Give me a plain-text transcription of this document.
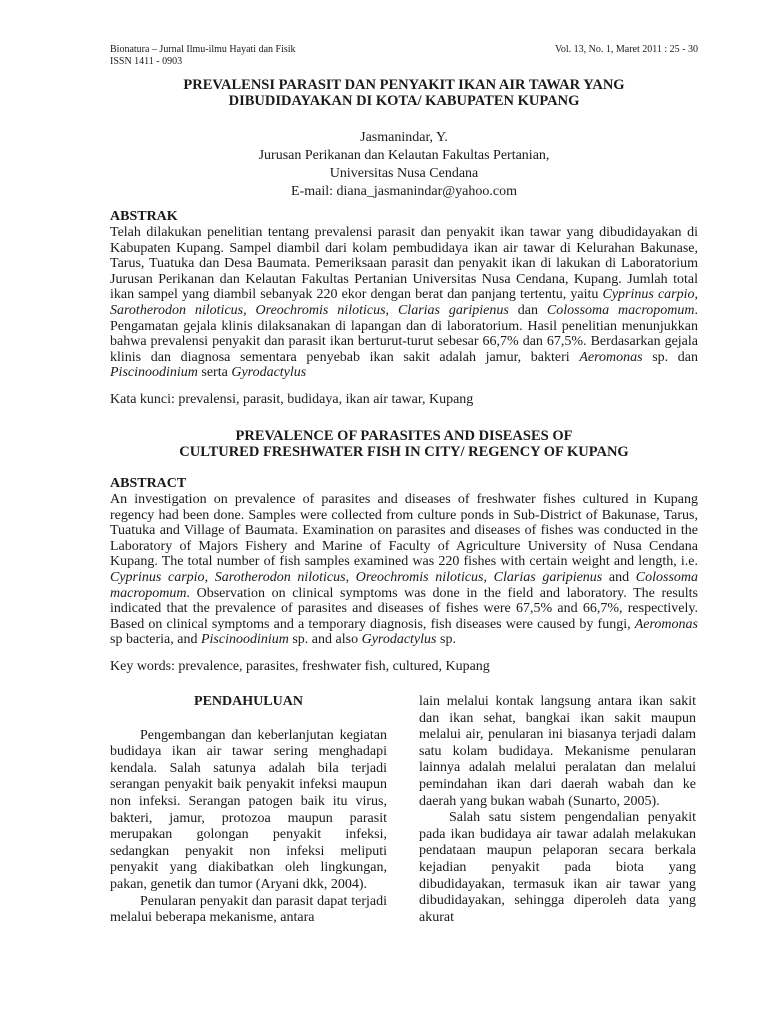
Bionatura – Jurnal Ilmu-ilmu Hayati dan Fisik
ISSN 1411 - 0903
Vol. 13, No. 1, Maret 2011 : 25 - 30
PREVALENSI PARASIT DAN PENYAKIT IKAN AIR TAWAR YANG
DIBUDIDAYAKAN DI KOTA/ KABUPATEN KUPANG
Jasmanindar, Y.
Jurusan Perikanan dan Kelautan Fakultas Pertanian,
Universitas Nusa Cendana
E-mail: diana_jasmanindar@yahoo.com
ABSTRAK
Telah dilakukan penelitian tentang prevalensi parasit dan penyakit ikan tawar yang dibudidayakan di Kabupaten Kupang. Sampel diambil dari kolam pembudidaya ikan air tawar di Kelurahan Bakunase, Tarus, Tuatuka dan Desa Baumata. Pemeriksaan parasit dan penyakit ikan di lakukan di Laboratorium Jurusan Perikanan dan Kelautan Fakultas Pertanian Universitas Nusa Cendana, Kupang. Jumlah total ikan sampel yang diambil sebanyak 220 ekor dengan berat dan panjang tertentu, yaitu Cyprinus carpio, Sarotherodon niloticus, Oreochromis niloticus, Clarias garipienus dan Colossoma macropomum. Pengamatan gejala klinis dilaksanakan di lapangan dan di laboratorium. Hasil penelitian menunjukkan bahwa prevalensi penyakit dan parasit ikan berturut-turut sebesar 66,7% dan 67,5%. Berdasarkan gejala klinis dan diagnosa sementara penyebab ikan sakit adalah jamur, bakteri Aeromonas sp. dan Piscinoodinium serta Gyrodactylus
Kata kunci: prevalensi, parasit, budidaya, ikan air tawar, Kupang
PREVALENCE OF PARASITES AND DISEASES OF
CULTURED FRESHWATER FISH IN CITY/ REGENCY OF KUPANG
ABSTRACT
An investigation on prevalence of parasites and diseases of freshwater fishes cultured in Kupang regency had been done. Samples were collected from culture ponds in Sub-District of Bakunase, Tarus, Tuatuka and Village of Baumata. Examination on parasites and diseases of fishes was conducted in the Laboratory of Majors Fishery and Marine of Faculty of Agriculture University of Nusa Cendana Kupang. The total number of fish samples examined was 220 fishes with certain weight and length, i.e. Cyprinus carpio, Sarotherodon niloticus, Oreochromis niloticus, Clarias garipienus and Colossoma macropomum. Observation on clinical symptoms was done in the field and laboratory. The results indicated that the prevalence of parasites and diseases of fishes were 67,5% and 66,7%, respectively. Based on clinical symptoms and a temporary diagnosis, fish diseases were caused by fungi, Aeromonas sp bacteria, and Piscinoodinium sp. and also Gyrodactylus sp.
Key words: prevalence, parasites, freshwater fish, cultured, Kupang
PENDAHULUAN

Pengembangan dan keberlanjutan kegiatan budidaya ikan air tawar sering menghadapi kendala. Salah satunya adalah bila terjadi serangan penyakit baik penyakit infeksi maupun non infeksi. Serangan patogen baik itu virus, bakteri, jamur, protozoa maupun parasit merupakan golongan penyakit infeksi, sedangkan penyakit non infeksi meliputi penyakit yang diakibatkan oleh lingkungan, pakan, genetik dan tumor (Aryani dkk, 2004).

Penularan penyakit dan parasit dapat terjadi melalui beberapa mekanisme, antara

lain melalui kontak langsung antara ikan sakit dan ikan sehat, bangkai ikan sakit maupun melalui air, penularan ini biasanya terjadi dalam satu kolam budidaya. Mekanisme penularan lainnya adalah melalui peralatan dan melalui pemindahan ikan dari daerah wabah dan ke daerah yang bukan wabah (Sunarto, 2005).

Salah satu sistem pengendalian penyakit pada ikan budidaya air tawar adalah melakukan pendataan maupun pelaporan secara berkala kejadian penyakit pada biota yang dibudidayakan, termasuk ikan air tawar yang dibudidayakan, sehingga diperoleh data yang akurat
